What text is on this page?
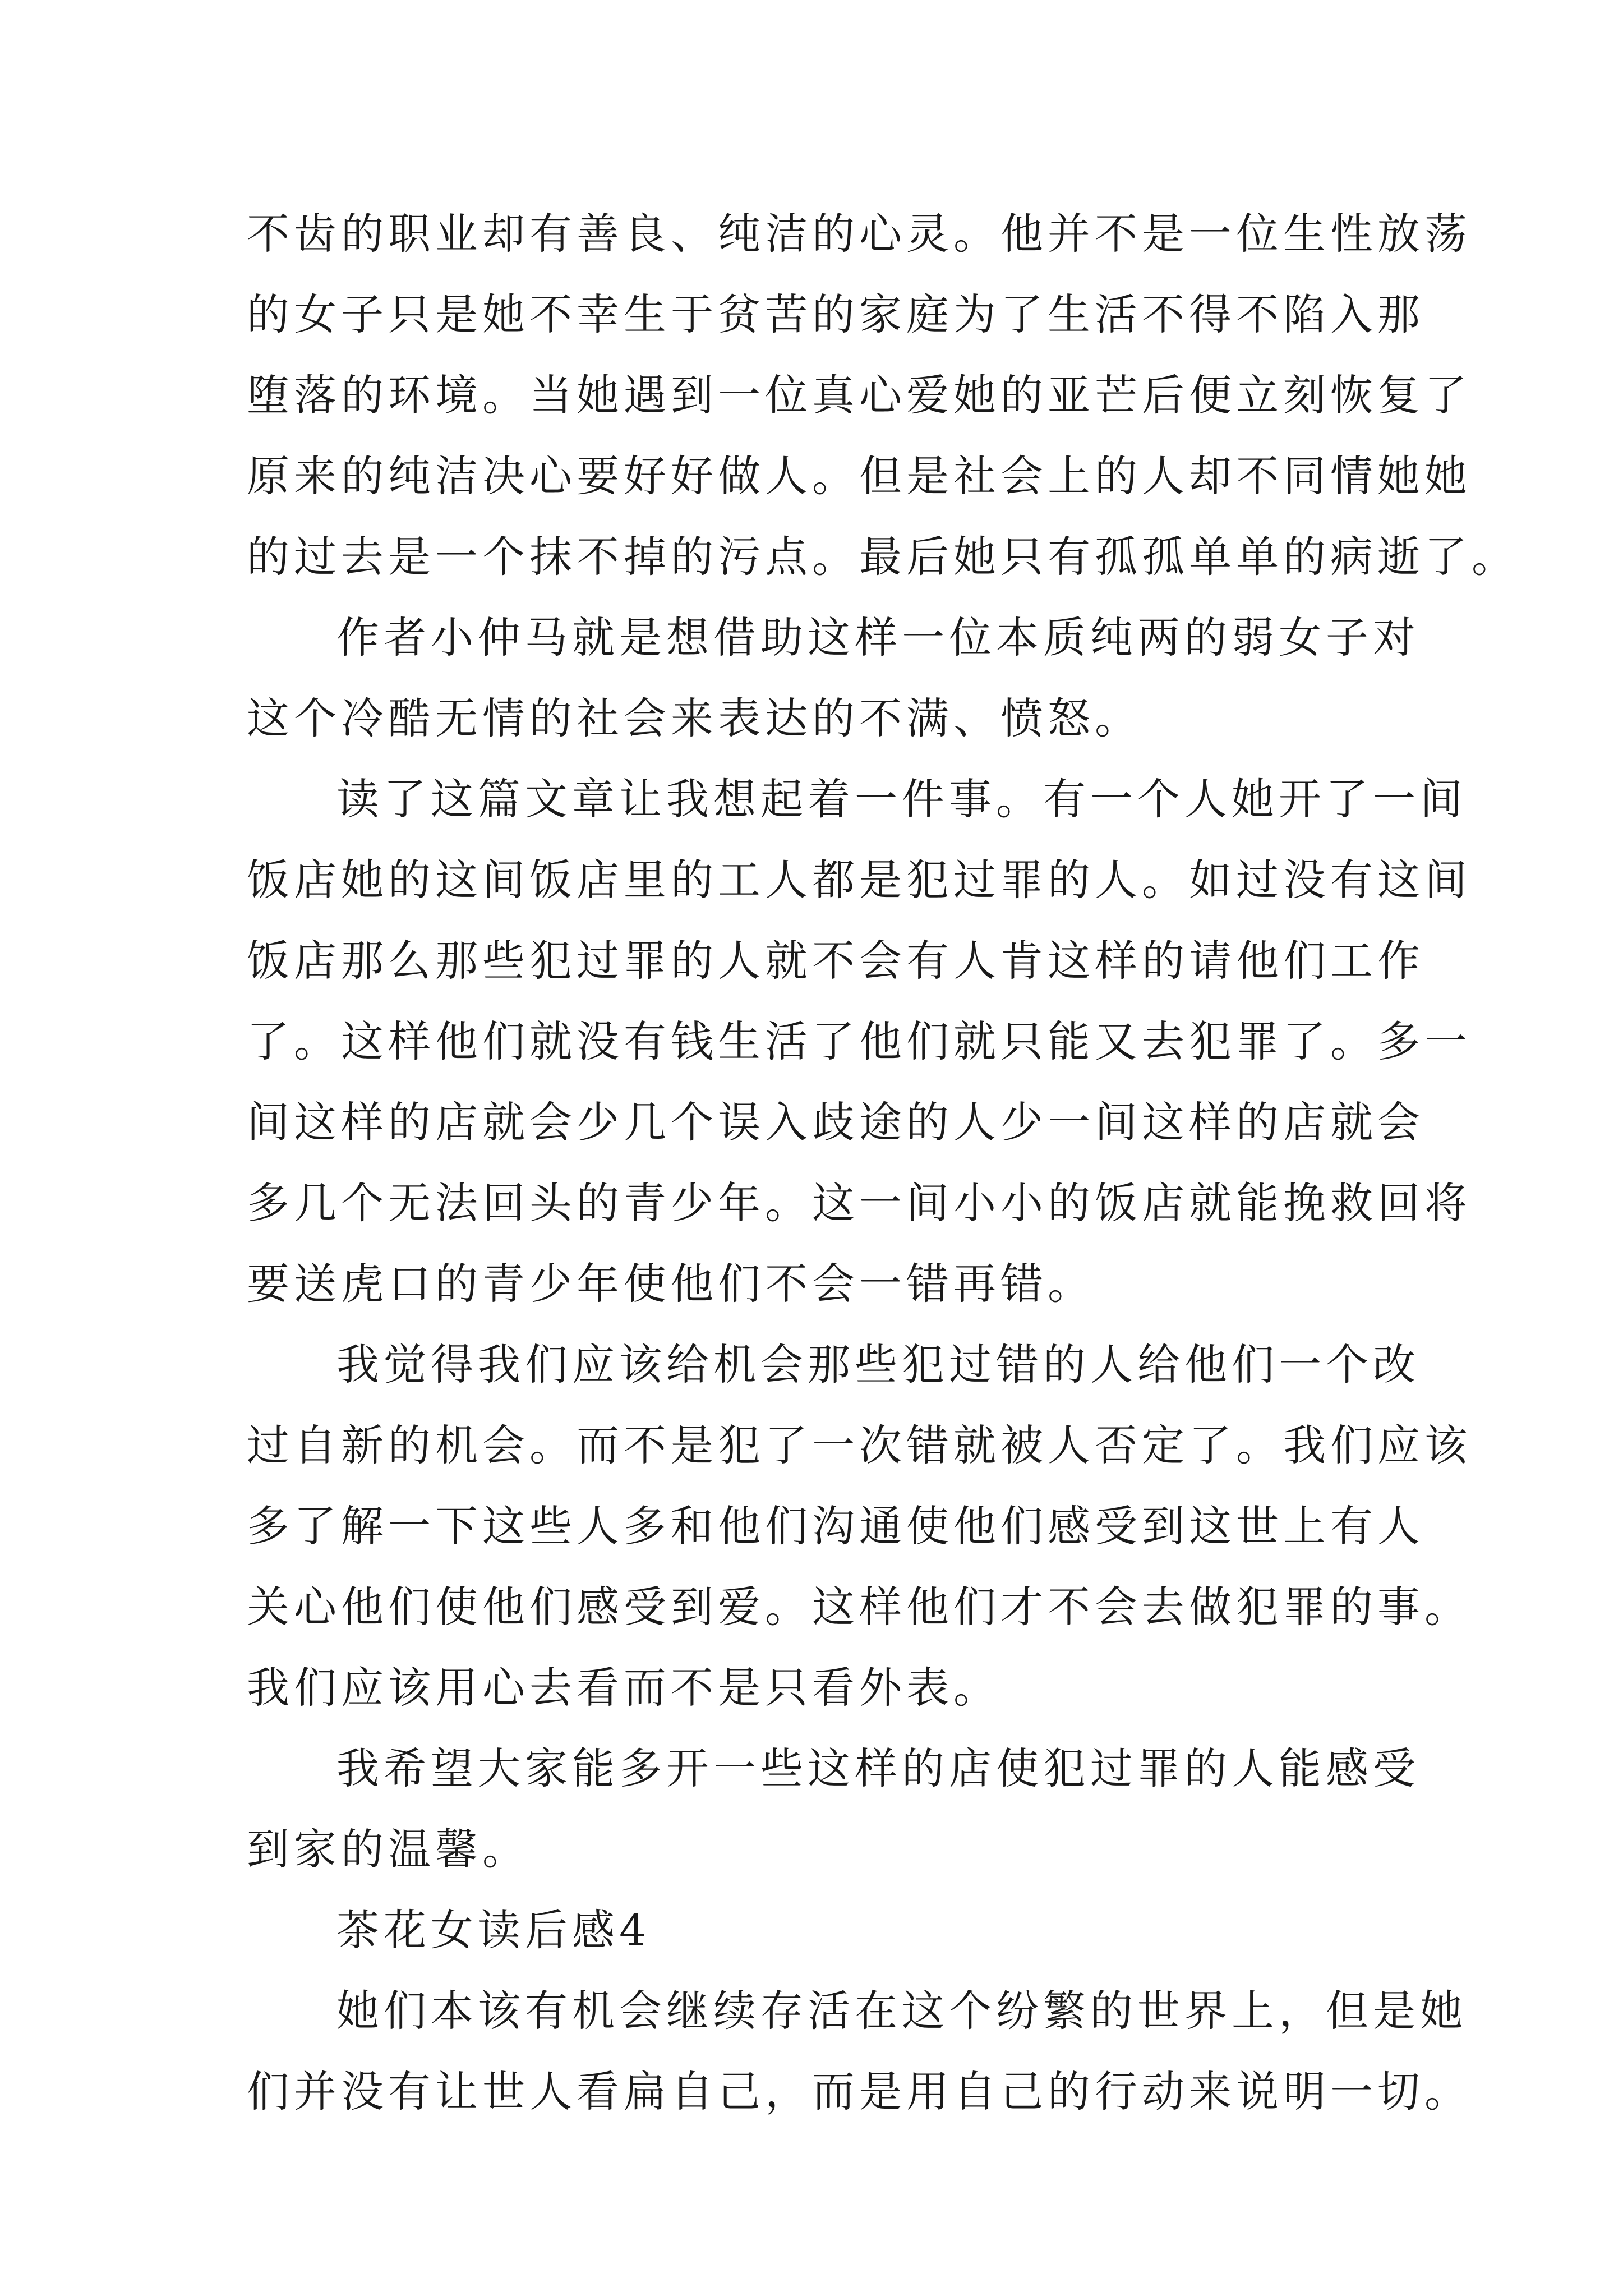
不齿的职业却有善良、纯洁的心灵。他并不是一位生性放荡
的女子只是她不幸生于贫苦的家庭为了生活不得不陷入那
堕落的环境。当她遇到一位真心爱她的亚芒后便立刻恢复了
原来的纯洁决心要好好做人。但是社会上的人却不同情她她
的过去是一个抹不掉的污点。最后她只有孤孤单单的病逝了。
作者小仲马就是想借助这样一位本质纯两的弱女子对
这个冷酷无情的社会来表达的不满、愤怒。
读了这篇文章让我想起着一件事。有一个人她开了一间
饭店她的这间饭店里的工人都是犯过罪的人。如过没有这间
饭店那么那些犯过罪的人就不会有人肯这样的请他们工作
了。这样他们就没有钱生活了他们就只能又去犯罪了。多一
间这样的店就会少几个误入歧途的人少一间这样的店就会
多几个无法回头的青少年。这一间小小的饭店就能挽救回将
要送虎口的青少年使他们不会一错再错。
我觉得我们应该给机会那些犯过错的人给他们一个改
过自新的机会。而不是犯了一次错就被人否定了。我们应该
多了解一下这些人多和他们沟通使他们感受到这世上有人
关心他们使他们感受到爱。这样他们才不会去做犯罪的事。
我们应该用心去看而不是只看外表。
我希望大家能多开一些这样的店使犯过罪的人能感受
到家的温馨。
茶花女读后感4
她们本该有机会继续存活在这个纷繁的世界上，但是她
们并没有让世人看扁自己，而是用自己的行动来说明一切。
